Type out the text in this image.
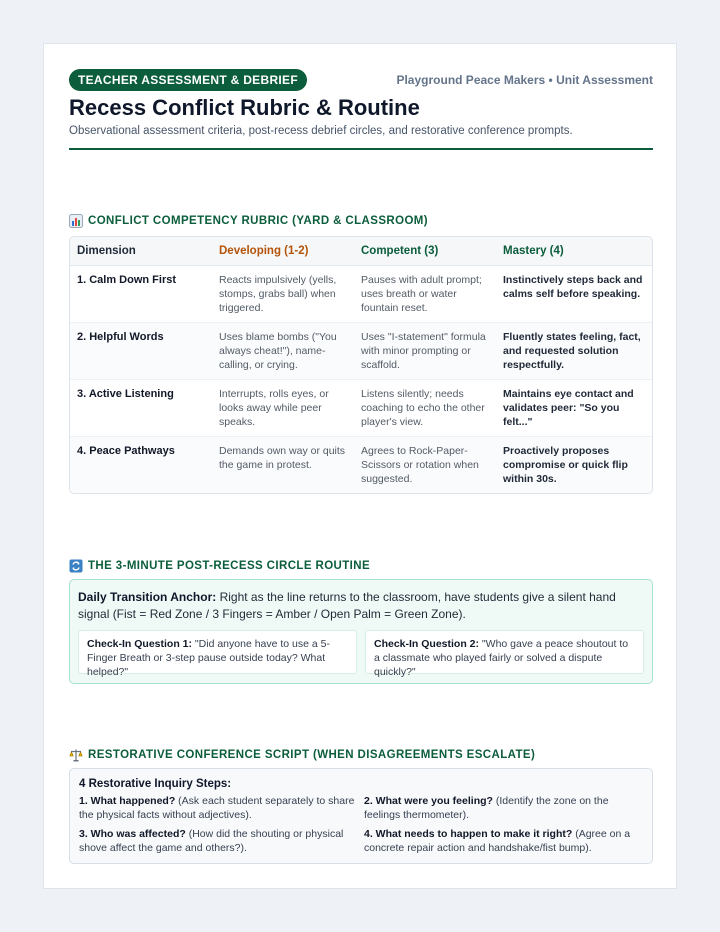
TEACHER ASSESSMENT & DEBRIEF	Playground Peace Makers • Unit Assessment
Recess Conflict Rubric & Routine
Observational assessment criteria, post-recess debrief circles, and restorative conference prompts.
CONFLICT COMPETENCY RUBRIC (YARD & CLASSROOM)
Dimension	Developing (1-2)	Competent (3)	Mastery (4)
1. Calm Down First	Reacts impulsively (yells, stomps, grabs ball) when triggered.	Pauses with adult prompt; uses breath or water fountain reset.	Instinctively steps back and calms self before speaking.
2. Helpful Words	Uses blame bombs ("You always cheat!"), name-calling, or crying.	Uses "I-statement" formula with minor prompting or scaffold.	Fluently states feeling, fact, and requested solution respectfully.
3. Active Listening	Interrupts, rolls eyes, or looks away while peer speaks.	Listens silently; needs coaching to echo the other player's view.	Maintains eye contact and validates peer: "So you felt..."
4. Peace Pathways	Demands own way or quits the game in protest.	Agrees to Rock-Paper-Scissors or rotation when suggested.	Proactively proposes compromise or quick flip within 30s.
THE 3-MINUTE POST-RECESS CIRCLE ROUTINE

Daily Transition Anchor: Right as the line returns to the classroom, have students give a silent hand signal (Fist = Red Zone / 3 Fingers = Amber / Open Palm = Green Zone).

Check-In Question 1: "Did anyone have to use a 5-Finger Breath or 3-step pause outside today? What helped?"
Check-In Question 2: "Who gave a peace shoutout to a classmate who played fairly or solved a dispute quickly?"
RESTORATIVE CONFERENCE SCRIPT (WHEN DISAGREEMENTS ESCALATE)
4 Restorative Inquiry Steps:
1. What happened? (Ask each student separately to share the physical facts without adjectives).
2. What were you feeling? (Identify the zone on the feelings thermometer).
3. Who was affected? (How did the shouting or physical shove affect the game and others?).
4. What needs to happen to make it right? (Agree on a concrete repair action and handshake/fist bump).
